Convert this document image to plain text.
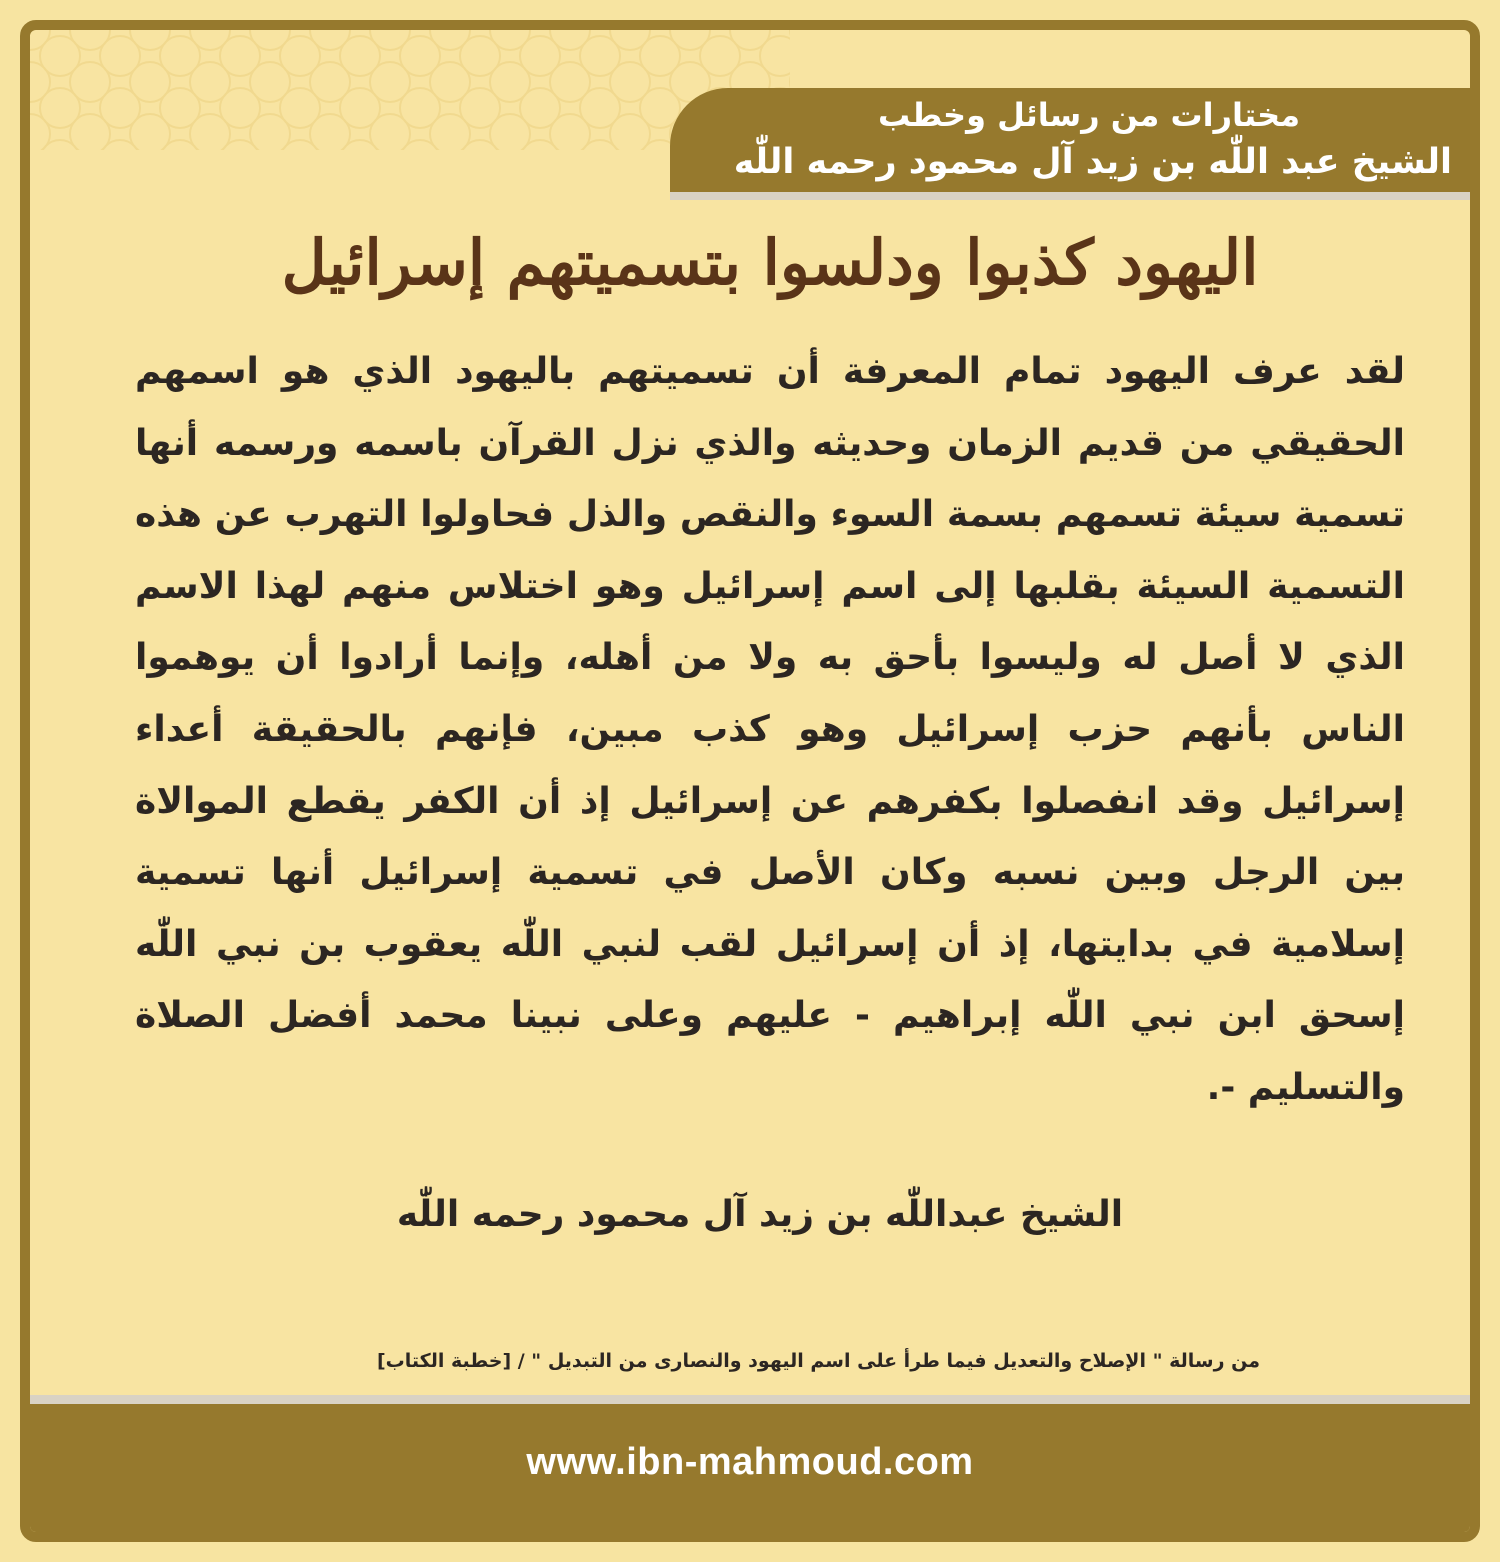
مختارات من رسائل وخطب
الشيخ عبد اللّٰه بن زيد آل محمود رحمه اللّٰه
اليهود كذبوا ودلسوا بتسميتهم إسرائيل

لقد عرف اليهود تمام المعرفة أن تسميتهم باليهود الذي هو اسمهم الحقيقي من قديم الزمان وحديثه والذي نزل القرآن باسمه ورسمه أنها تسمية سيئة تسمهم بسمة السوء والنقص والذل فحاولوا التهرب عن هذه التسمية السيئة بقلبها إلى اسم إسرائيل وهو اختلاس منهم لهذا الاسم الذي لا أصل له وليسوا بأحق به ولا من أهله، وإنما أرادوا أن يوهموا الناس بأنهم حزب إسرائيل وهو كذب مبين، فإنهم بالحقيقة أعداء إسرائيل وقد انفصلوا بكفرهم عن إسرائيل إذ أن الكفر يقطع الموالاة بين الرجل وبين نسبه وكان الأصل في تسمية إسرائيل أنها تسمية إسلامية في بدايتها، إذ أن إسرائيل لقب لنبي اللّٰه يعقوب بن نبي اللّٰه إسحق ابن نبي اللّٰه إبراهيم - عليهم وعلى نبينا محمد أفضل الصلاة والتسليم -.

الشيخ عبداللّٰه بن زيد آل محمود رحمه اللّٰه
من رسالة " الإصلاح والتعديل فيما طرأ على اسم اليهود والنصارى من التبديل " / [خطبة الكتاب]
www.ibn-mahmoud.com
